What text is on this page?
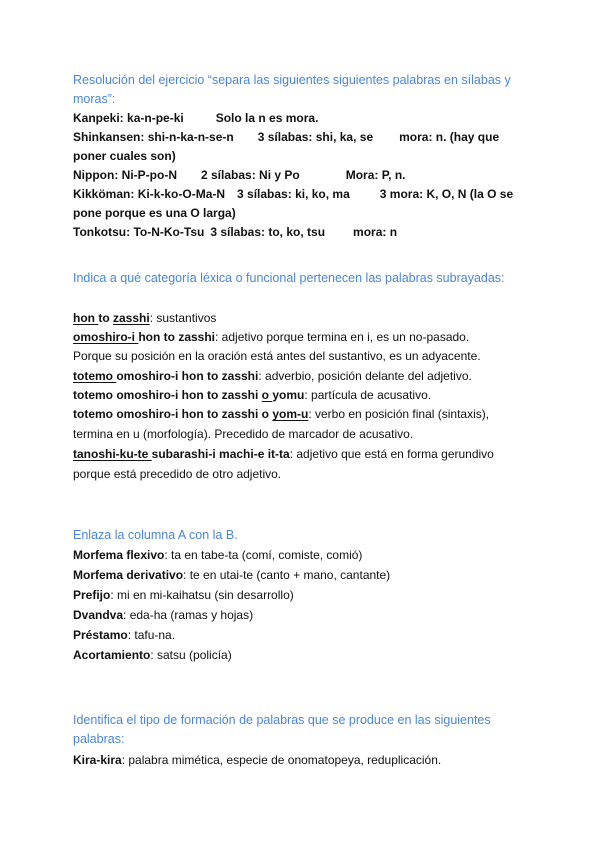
Resolución del ejercicio “separa las siguientes siguientes palabras en sílabas y moras”:
Kanpeki: ka-n-pe-ki	Solo la n es mora.
Shinkansen: shi-n-ka-n-se-n 3 sílabas: shi, ka, se mora: n. (hay que
poner cuales son)
Nippon: Ni-P-po-N 2 sílabas: Ni y Po	Mora: P, n.
Kikköman: Ki-k-ko-O-Ma-N 3 sílabas: ki, ko, ma	3 mora: K, O, N (la O se
pone porque es una O larga)
Tonkotsu: To-N-Ko-Tsu 3 sílabas: to, ko, tsu mora: n
Indica a qué categoría léxica o funcional pertenecen las palabras subrayadas:
hon to zasshi: sustantivos
omoshiro-i hon to zasshi: adjetivo porque termina en i, es un no-pasado.
Porque su posición en la oración está antes del sustantivo, es un adyacente.
totemo omoshiro-i hon to zasshi: adverbio, posición delante del adjetivo.
totemo omoshiro-i hon to zasshi o yomu: partícula de acusativo.
totemo omoshiro-i hon to zasshi o yom-u: verbo en posición final (sintaxis),
termina en u (morfología). Precedido de marcador de acusativo.
tanoshi-ku-te subarashi-i machi-e it-ta: adjetivo que está en forma gerundivo
porque está precedido de otro adjetivo.
Enlaza la columna A con la B.
Morfema flexivo: ta en tabe-ta (comí, comiste, comió)
Morfema derivativo: te en utai-te (canto + mano, cantante)
Prefijo: mi en mi-kaihatsu (sin desarrollo)
Dvandva: eda-ha (ramas y hojas)
Préstamo: tafu-na.
Acortamiento: satsu (policía)
Identifica el tipo de formación de palabras que se produce en las siguientes palabras:
Kira-kira: palabra mimética, especie de onomatopeya, reduplicación.
